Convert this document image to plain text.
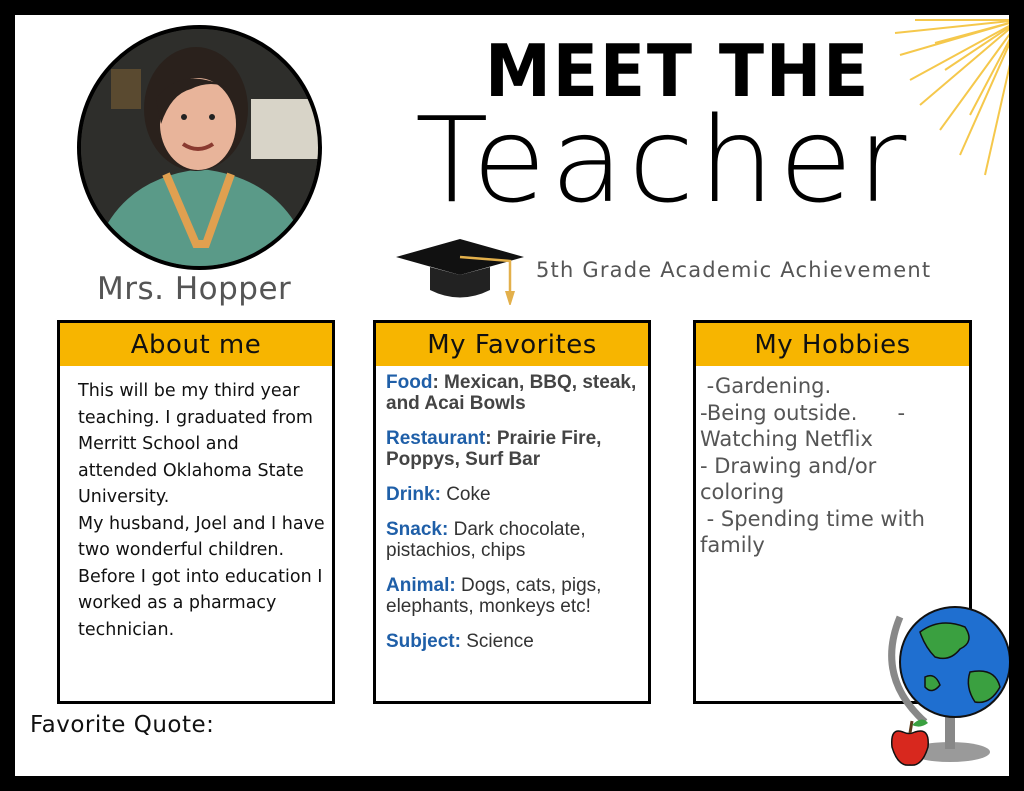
Mrs. Hopper
MEET THE
Teacher
5th Grade Academic Achievement
About me

This will be my third year

teaching. I graduated from

Merritt School and

attended Oklahoma State

University.

My husband, Joel and I have

two wonderful children.

Before I got into education I

worked as a pharmacy

technician.

My Favorites
Food: Mexican, BBQ, steak, and Acai Bowls
Restaurant: Prairie Fire, Poppys, Surf Bar
Drink: Coke
Snack: Dark chocolate, pistachios, chips
Animal: Dogs, cats, pigs, elephants, monkeys etc!
Subject: Science
My Hobbies

-Gardening.

-Being outside.      -

Watching Netflix

- Drawing and/or

coloring

- Spending time with

family

Favorite Quote:
